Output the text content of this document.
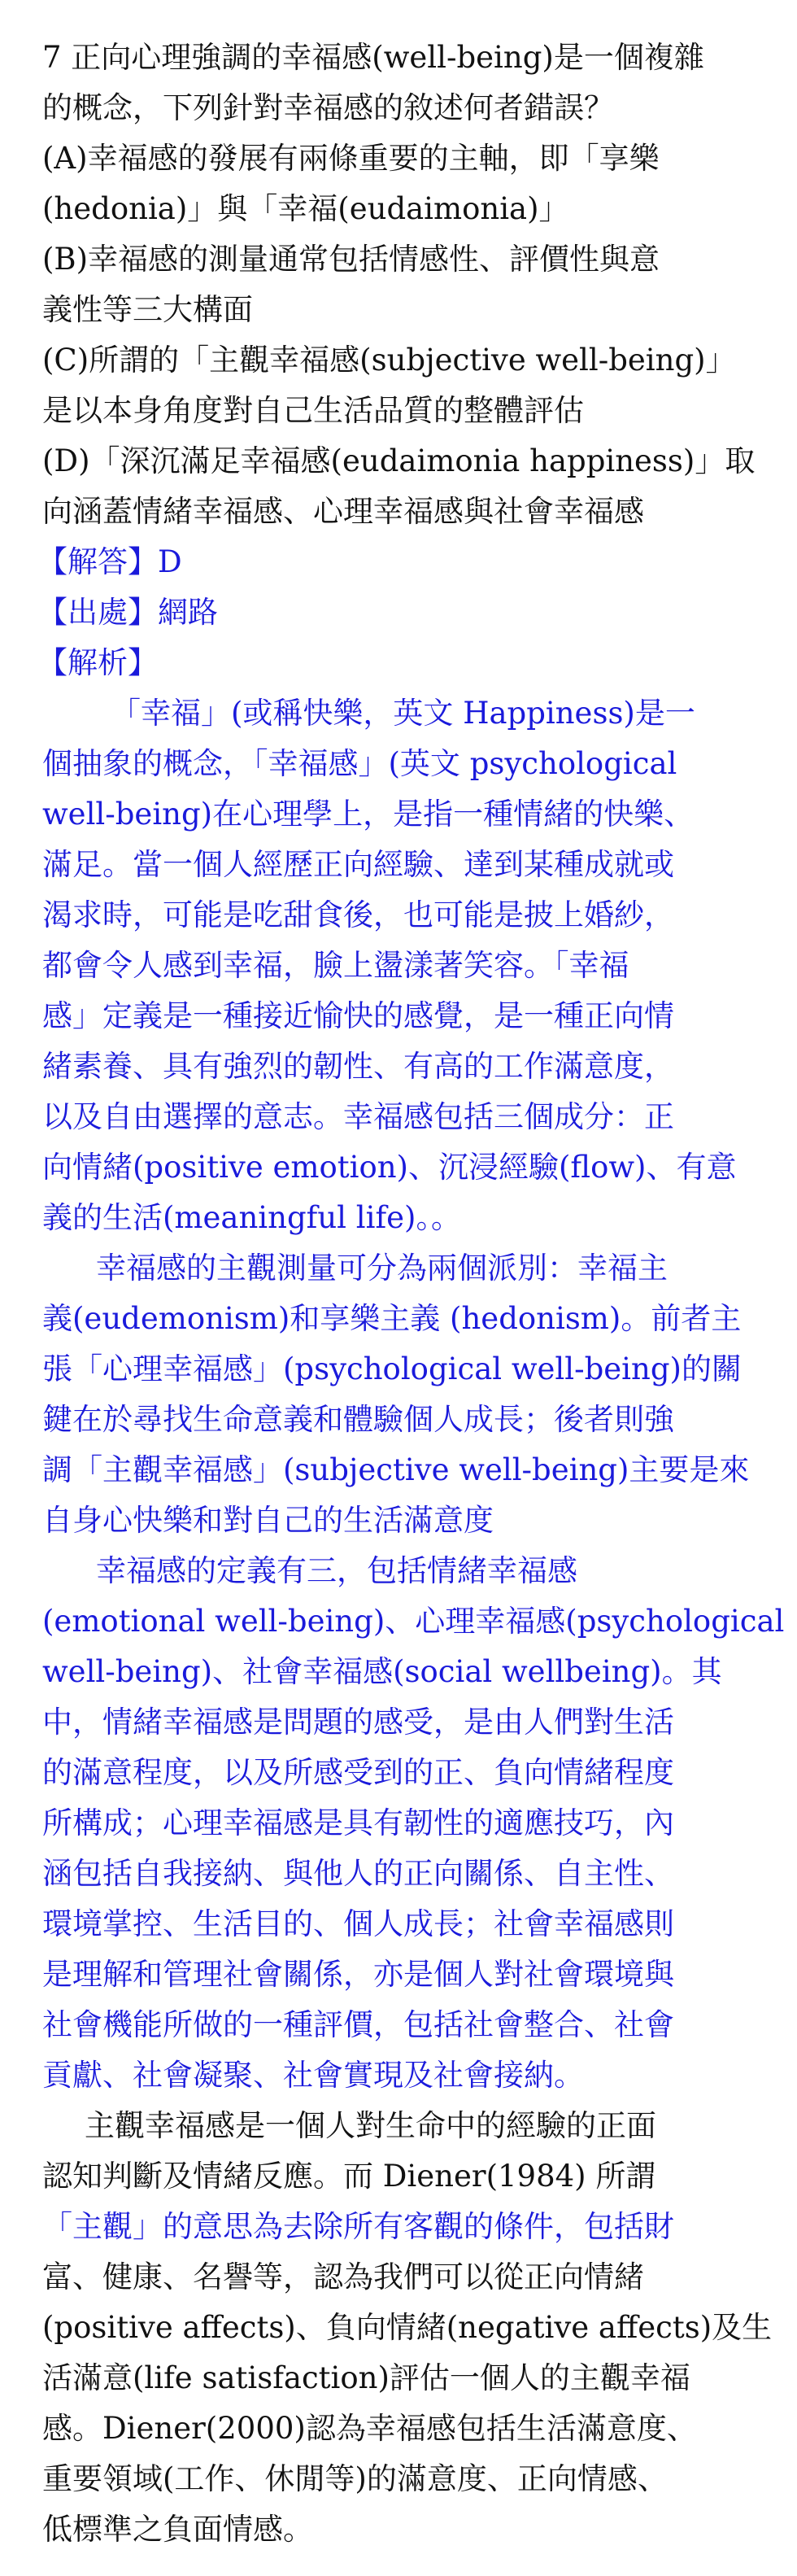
7 正向心理強調的幸福感(well-being)是一個複雜
的概念，下列針對幸福感的敘述何者錯誤？
(A)幸福感的發展有兩條重要的主軸，即「享樂
(hedonia)」與「幸福(eudaimonia)」
(B)幸福感的測量通常包括情感性、評價性與意
義性等三大構面
(C)所謂的「主觀幸福感(subjective well-being)」
是以本身角度對自己生活品質的整體評估
(D)「深沉滿足幸福感(eudaimonia happiness)」取
向涵蓋情緒幸福感、心理幸福感與社會幸福感
【解答】D
【出處】網路
【解析】
「幸福」(或稱快樂，英文 Happiness)是一
個抽象的概念，「幸福感」(英文 psychological
well-being)在心理學上，是指一種情緒的快樂、
滿足。當一個人經歷正向經驗、達到某種成就或
渴求時，可能是吃甜食後，也可能是披上婚紗，
都會令人感到幸福，臉上盪漾著笑容。「幸福
感」定義是一種接近愉快的感覺，是一種正向情
緒素養、具有強烈的韌性、有高的工作滿意度，
以及自由選擇的意志。幸福感包括三個成分：正
向情緒(positive emotion)、沉浸經驗(flow)、有意
義的生活(meaningful life)。。
幸福感的主觀測量可分為兩個派別：幸福主
義(eudemonism)和享樂主義 (hedonism)。前者主
張「心理幸福感」(psychological well-being)的關
鍵在於尋找生命意義和體驗個人成長；後者則強
調「主觀幸福感」(subjective well-being)主要是來
自身心快樂和對自己的生活滿意度
幸福感的定義有三，包括情緒幸福感
(emotional well-being)、心理幸福感(psychological
well-being)、社會幸福感(social wellbeing)。其
中，情緒幸福感是問題的感受，是由人們對生活
的滿意程度，以及所感受到的正、負向情緒程度
所構成；心理幸福感是具有韌性的適應技巧，內
涵包括自我接納、與他人的正向關係、自主性、
環境掌控、生活目的、個人成長；社會幸福感則
是理解和管理社會關係，亦是個人對社會環境與
社會機能所做的一種評價，包括社會整合、社會
貢獻、社會凝聚、社會實現及社會接納。
主觀幸福感是一個人對生命中的經驗的正面
認知判斷及情緒反應。而 Diener(1984) 所謂
「主觀」的意思為去除所有客觀的條件，包括財
富、健康、名譽等，認為我們可以從正向情緒
(positive affects)、負向情緒(negative affects)及生
活滿意(life satisfaction)評估一個人的主觀幸福
感。Diener(2000)認為幸福感包括生活滿意度、
重要領域(工作、休閒等)的滿意度、正向情感、
低標準之負面情感。
